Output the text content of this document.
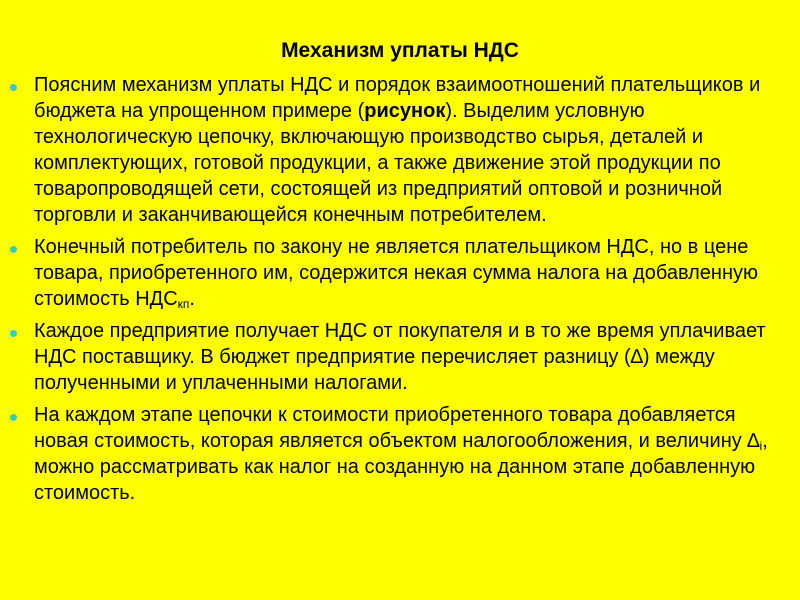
Механизм уплаты НДС
Поясним механизм уплаты НДС и порядок взаимоотношений плательщиков и бюджета на упрощенном примере (рисунок). Выделим условную технологическую цепочку, включающую производство сырья, деталей и комплектующих, готовой продукции, а также движение этой продукции по товаропроводящей сети, состоящей из предприятий оптовой и розничной торговли и заканчивающейся конечным потребителем.
Конечный потребитель по закону не является плательщиком НДС, но в цене товара, приобретенного им, содержится некая сумма налога на добавленную стоимость $НДС_{кп}$.
Каждое предприятие получает НДС от покупателя и в то же время уплачивает НДС поставщику. В бюджет предприятие перечисляет разницу (∆) между полученными и уплаченными налогами.
На каждом этапе цепочки к стоимости приобретенного товара добавляется новая стоимость, которая является объектом налогообложения, и величину $\Delta_i$, можно рассматривать как налог на созданную на данном этапе добавленную стоимость.
